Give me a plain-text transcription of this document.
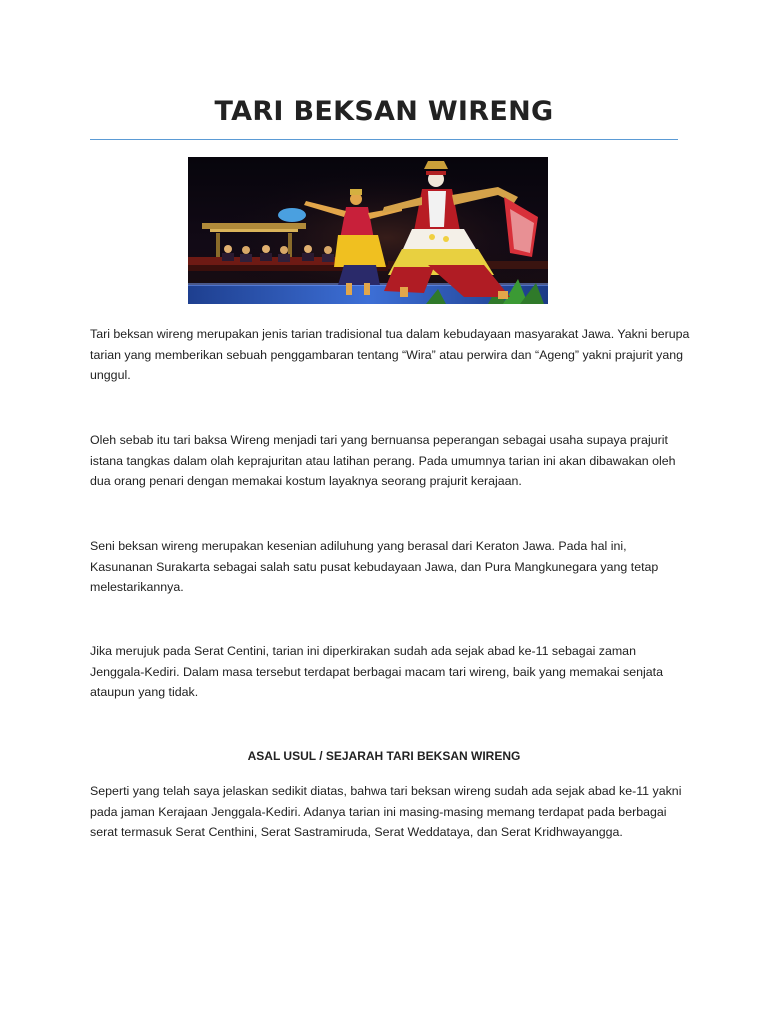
TARI BEKSAN WIRENG

Tari beksan wireng merupakan jenis tarian tradisional tua dalam kebudayaan masyarakat Jawa. Yakni berupa tarian yang memberikan sebuah penggambaran tentang “Wira” atau perwira dan “Ageng” yakni prajurit yang unggul.

Oleh sebab itu tari baksa Wireng menjadi tari yang bernuansa peperangan sebagai usaha supaya prajurit istana tangkas dalam olah keprajuritan atau latihan perang. Pada umumnya tarian ini akan dibawakan oleh dua orang penari dengan memakai kostum layaknya seorang prajurit kerajaan.

Seni beksan wireng merupakan kesenian adiluhung yang berasal dari Keraton Jawa. Pada hal ini, Kasunanan Surakarta sebagai salah satu pusat kebudayaan Jawa, dan Pura Mangkunegara yang tetap melestarikannya.

Jika merujuk pada Serat Centini, tarian ini diperkirakan sudah ada sejak abad ke-11 sebagai zaman Jenggala-Kediri. Dalam masa tersebut terdapat berbagai macam tari wireng, baik yang memakai senjata ataupun yang tidak.

ASAL USUL / SEJARAH TARI BEKSAN WIRENG

Seperti yang telah saya jelaskan sedikit diatas, bahwa tari beksan wireng sudah ada sejak abad ke-11 yakni pada jaman Kerajaan Jenggala-Kediri. Adanya tarian ini masing-masing memang terdapat pada berbagai serat termasuk Serat Centhini, Serat Sastramiruda, Serat Weddataya, dan Serat Kridhwayangga.
